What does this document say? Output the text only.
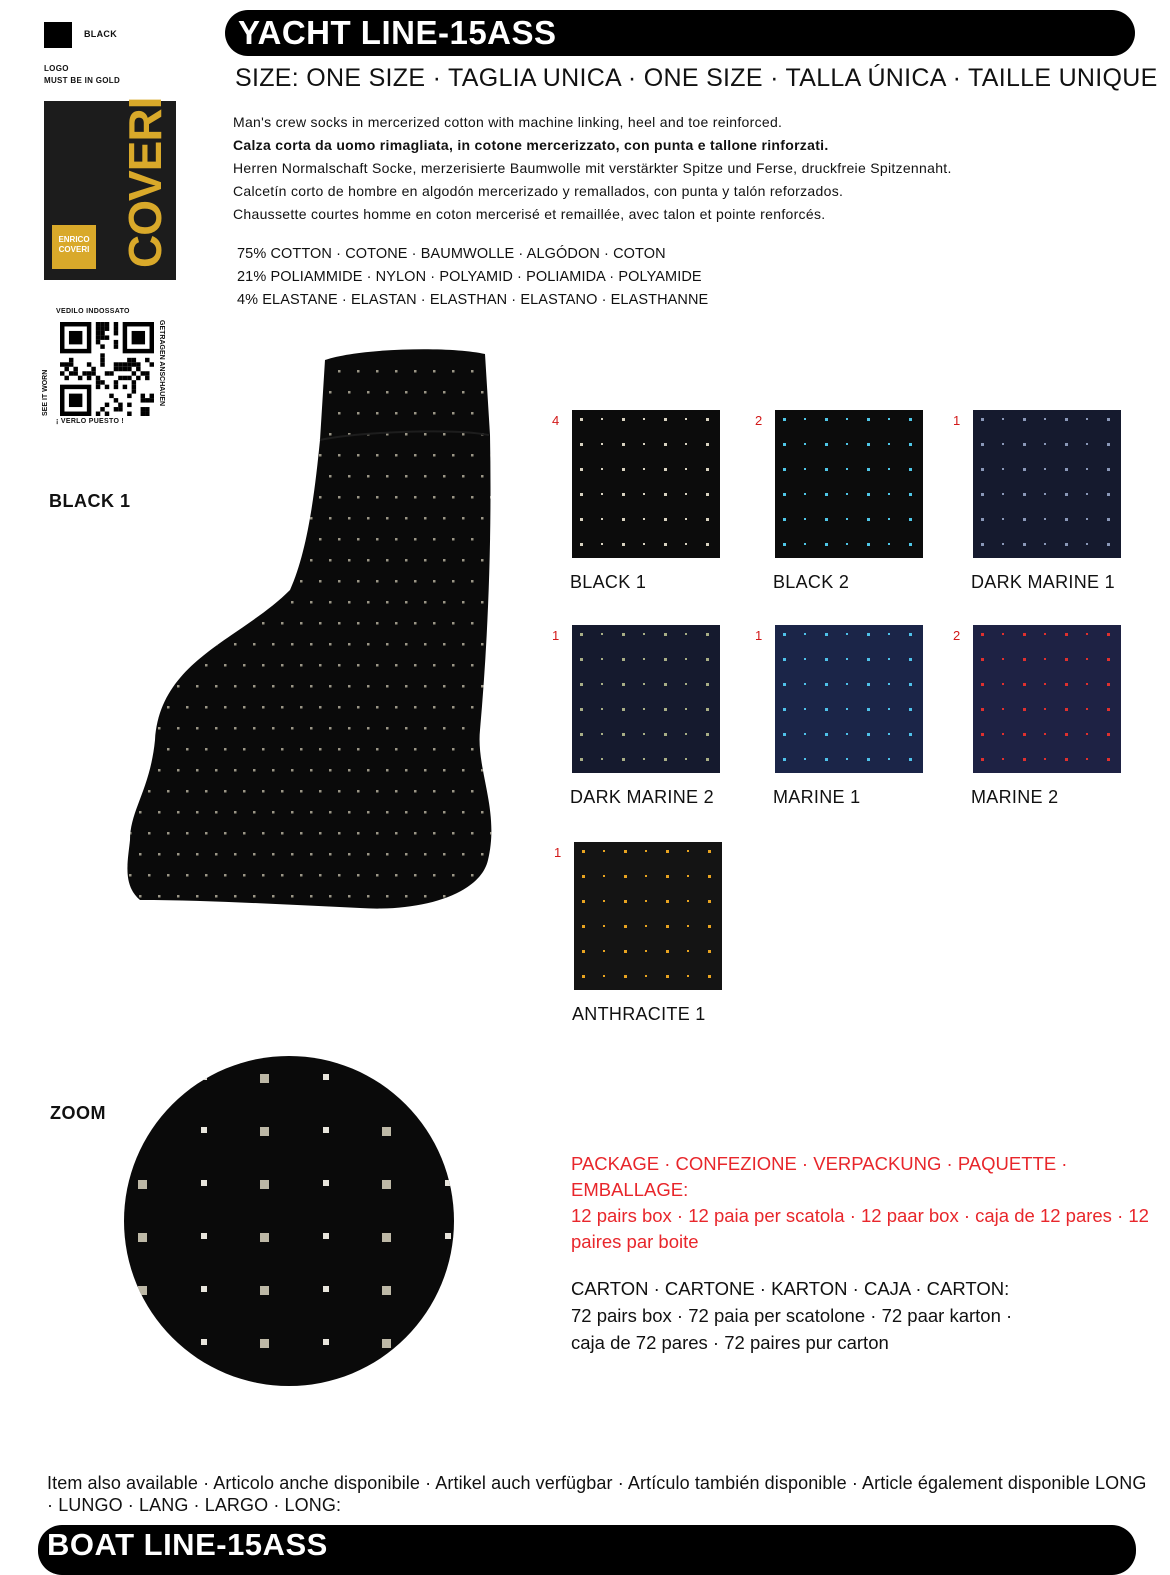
BLACK
LOGO
MUST BE IN GOLD
COVERI
ENRICO COVERI
VEDILO INDOSSATO
SEE IT WORN	GETRAGEN ANSCHAUEN
¡ VERLO PUESTO !
YACHT LINE-15ASS
SIZE: ONE SIZE · TAGLIA UNICA · ONE SIZE · TALLA ÚNICA · TAILLE UNIQUE

Man's crew socks in mercerized cotton with machine linking, heel and toe reinforced.

Calza corta da uomo rimagliata, in cotone mercerizzato, con punta e tallone rinforzati.

Herren Normalschaft Socke, merzerisierte Baumwolle mit verstärkter Spitze und Ferse, druckfreie Spitzennaht.

Calcetín corto de hombre en algodón mercerizado y remallados, con punta y talón reforzados.

Chaussette courtes homme en coton mercerisé et remaillée, avec talon et pointe renforcés.

75% COTTON · COTONE · BAUMWOLLE · ALGÓDON · COTON

21% POLIAMMIDE · NYLON · POLYAMID · POLIAMIDA · POLYAMIDE

4% ELASTANE · ELASTAN · ELASTHAN · ELASTANO · ELASTHANNE

BLACK 1
ZOOM
4
BLACK 1
2
BLACK 2
1
DARK MARINE 1
1
DARK MARINE 2
1
MARINE 1
2
MARINE 2
1
ANTHRACITE 1

PACKAGE · CONFEZIONE · VERPACKUNG · PAQUETTE · EMBALLAGE:

12 pairs box · 12 paia per scatola · 12 paar box · caja de 12 pares · 12 paires par boite

CARTON · CARTONE · KARTON · CAJA · CARTON:

72 pairs box · 72 paia per scatolone · 72 paar karton ·

caja de 72 pares · 72 paires pur carton

Item also available · Articolo anche disponibile · Artikel auch verfügbar · Artículo también disponible · Article également disponible LONG · LUNGO · LANG · LARGO · LONG:
BOAT LINE-15ASS
